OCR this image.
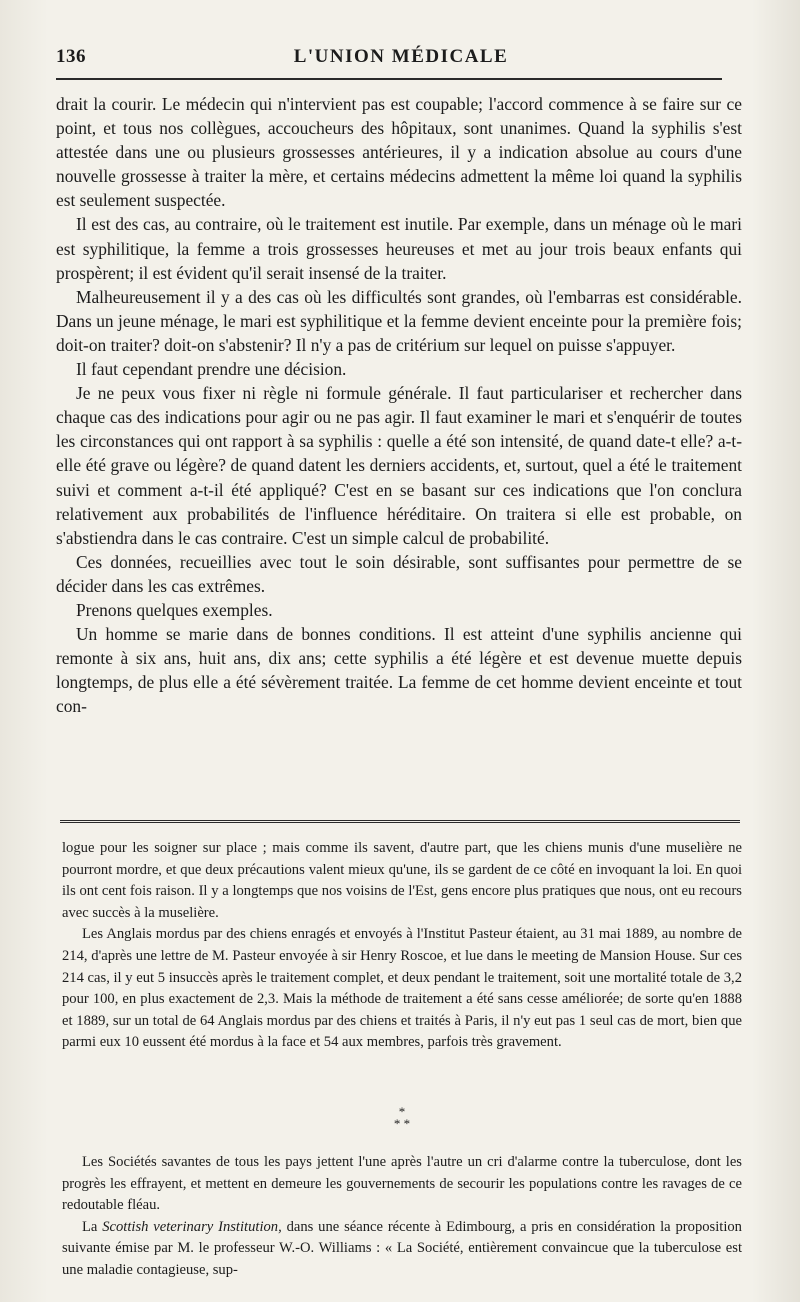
136	L'UNION MÉDICALE

drait la courir. Le médecin qui n'intervient pas est coupable; l'accord commence à se faire sur ce point, et tous nos collègues, accoucheurs des hôpitaux, sont unanimes. Quand la syphilis s'est attestée dans une ou plusieurs grossesses antérieures, il y a indication absolue au cours d'une nouvelle grossesse à traiter la mère, et certains médecins admettent la même loi quand la syphilis est seulement suspectée.

Il est des cas, au contraire, où le traitement est inutile. Par exemple, dans un ménage où le mari est syphilitique, la femme a trois grossesses heureuses et met au jour trois beaux enfants qui prospèrent; il est évident qu'il serait insensé de la traiter.

Malheureusement il y a des cas où les difficultés sont grandes, où l'embarras est considérable. Dans un jeune ménage, le mari est syphilitique et la femme devient enceinte pour la première fois; doit-on traiter? doit-on s'abstenir? Il n'y a pas de critérium sur lequel on puisse s'appuyer.

Il faut cependant prendre une décision.

Je ne peux vous fixer ni règle ni formule générale. Il faut particulariser et rechercher dans chaque cas des indications pour agir ou ne pas agir. Il faut examiner le mari et s'enquérir de toutes les circonstances qui ont rapport à sa syphilis : quelle a été son intensité, de quand date-t elle? a-t-elle été grave ou légère? de quand datent les derniers accidents, et, surtout, quel a été le traitement suivi et comment a-t-il été appliqué? C'est en se basant sur ces indications que l'on conclura relativement aux probabilités de l'influence héréditaire. On traitera si elle est probable, on s'abstiendra dans le cas contraire. C'est un simple calcul de probabilité.

Ces données, recueillies avec tout le soin désirable, sont suffisantes pour permettre de se décider dans les cas extrêmes.

Prenons quelques exemples.

Un homme se marie dans de bonnes conditions. Il est atteint d'une syphilis ancienne qui remonte à six ans, huit ans, dix ans; cette syphilis a été légère et est devenue muette depuis longtemps, de plus elle a été sévèrement traitée. La femme de cet homme devient enceinte et tout con-

logue pour les soigner sur place ; mais comme ils savent, d'autre part, que les chiens munis d'une muselière ne pourront mordre, et que deux précautions valent mieux qu'une, ils se gardent de ce côté en invoquant la loi. En quoi ils ont cent fois raison. Il y a longtemps que nos voisins de l'Est, gens encore plus pratiques que nous, ont eu recours avec succès à la muselière.

Les Anglais mordus par des chiens enragés et envoyés à l'Institut Pasteur étaient, au 31 mai 1889, au nombre de 214, d'après une lettre de M. Pasteur envoyée à sir Henry Roscoe, et lue dans le meeting de Mansion House. Sur ces 214 cas, il y eut 5 insuccès après le traitement complet, et deux pendant le traitement, soit une mortalité totale de 3,2 pour 100, en plus exactement de 2,3. Mais la méthode de traitement a été sans cesse améliorée; de sorte qu'en 1888 et 1889, sur un total de 64 Anglais mordus par des chiens et traités à Paris, il n'y eut pas 1 seul cas de mort, bien que parmi eux 10 eussent été mordus à la face et 54 aux membres, parfois très gravement.

*
* *

Les Sociétés savantes de tous les pays jettent l'une après l'autre un cri d'alarme contre la tuberculose, dont les progrès les effrayent, et mettent en demeure les gouvernements de secourir les populations contre les ravages de ce redoutable fléau.

La Scottish veterinary Institution, dans une séance récente à Edimbourg, a pris en considération la proposition suivante émise par M. le professeur W.-O. Williams : « La Société, entièrement convaincue que la tuberculose est une maladie contagieuse, sup-
